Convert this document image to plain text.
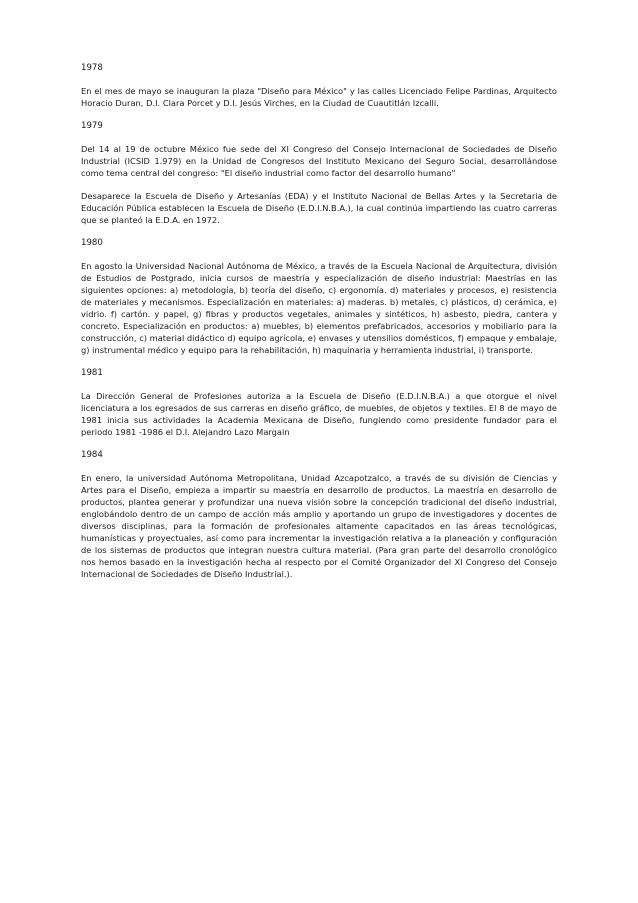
1978

En el mes de mayo se inauguran la plaza "Diseño para México" y las calles Licenciado Felipe Pardinas, Arquitecto Horacio Duran, D.I. Clara Porcet y D.I. Jesús Virches, en la Ciudad de Cuautitlán Izcalli.

1979

Del 14 al 19 de octubre México fue sede del XI Congreso del Consejo Internacional de Sociedades de Diseño Industrial (ICSID 1.979) en la Unidad de Congresos del Instituto Mexicano del Seguro Social, desarrollándose como tema central del congreso: "El diseño industrial como factor del desarrollo humano"

Desaparece la Escuela de Diseño y Artesanías (EDA) y el Instituto Nacional de Bellas Artes y la Secretaria de Educación Pública establecen la Escuela de Diseño (E.D.I.N.B.A.), la cual continúa impartiendo las cuatro carreras que se planteó la E.D.A. en 1972.

1980

En agosto la Universidad Nacional Autónoma de México, a través de la Escuela Nacional de Arquitectura, división de Estudios de Postgrado, inicia cursos de maestría y especialización de diseño industrial: Maestrías en las siguientes opciones: a) metodología, b) teoría del diseño, c) ergonomía. d) materiales y procesos, e) resistencia de materiales y mecanismos. Especialización en materiales: a) maderas. b) metales, c) plásticos, d) cerámica, e) vidrio. f) cartón. y papel, g) fibras y productos vegetales, animales y sintéticos, h) asbesto, piedra, cantera y concreto. Especialización en productos: a) muebles, b) elementos prefabricados, accesorios y mobiliario para la construcción, c) material didáctico d) equipo agrícola, e) envases y utensilios domésticos, f) empaque y embalaje, g) instrumental médico y equipo para la rehabilitación, h) maquinaria y herramienta industrial, i) transporte.

1981

La Dirección General de Profesiones autoriza a la Escuela de Diseño (E.D.I.N.B.A.) a que otorgue el nivel licenciatura a los egresados de sus carreras en diseño gráfico, de muebles, de objetos y textiles. El 8 de mayo de 1981 inicia sus actividades la Academia Mexicana de Diseño, fungiendo como presidente fundador para el periodo 1981 -1986 el D.I. Alejandro Lazo Margain

1984

En enero, la universidad Autónoma Metropolitana, Unidad Azcapotzalco, a través de su división de Ciencias y Artes para el Diseño, empieza a impartir su maestría en desarrollo de productos. La maestría en desarrollo de productos, plantea generar y profundizar una nueva visión sobre la concepción tradicional del diseño industrial, englobándolo dentro de un campo de acción más amplio y aportando un grupo de investigadores y docentes de diversos disciplinas, para la formación de profesionales altamente capacitados en las áreas tecnológicas, humanísticas y proyectuales, así como para incrementar la investigación relativa a la planeación y configuración de los sistemas de productos que integran nuestra cultura material. (Para gran parte del desarrollo cronológico nos hemos basado en la investigación hecha al respecto por el Comité Organizador del XI Congreso del Consejo Internacional de Sociedades de Diseño Industrial.).
